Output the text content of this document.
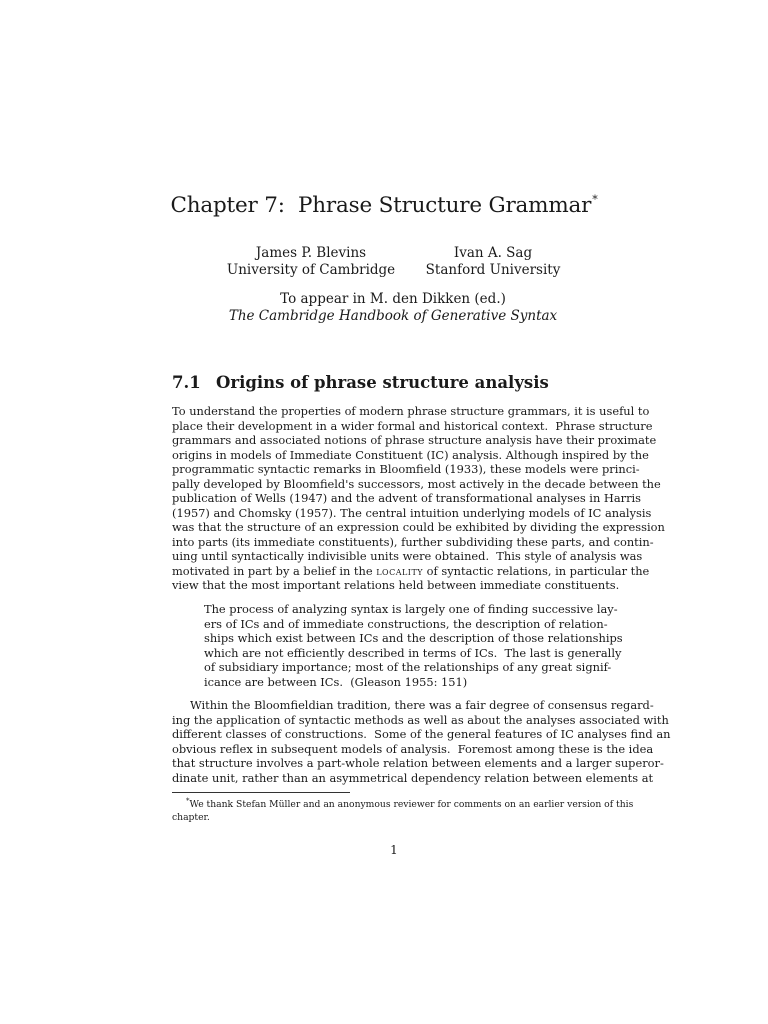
Chapter 7:  Phrase Structure Grammar*
James P. Blevins
University of Cambridge
Ivan A. Sag
Stanford University
To appear in M. den Dikken (ed.)
The Cambridge Handbook of Generative Syntax
7.1 Origins of phrase structure analysis
To understand the properties of modern phrase structure grammars, it is useful to
place their development in a wider formal and historical context.  Phrase structure
grammars and associated notions of phrase structure analysis have their proximate
origins in models of Immediate Constituent (IC) analysis. Although inspired by the
programmatic syntactic remarks in Bloomfield (1933), these models were princi-
pally developed by Bloomfield's successors, most actively in the decade between the
publication of Wells (1947) and the advent of transformational analyses in Harris
(1957) and Chomsky (1957). The central intuition underlying models of IC analysis
was that the structure of an expression could be exhibited by dividing the expression
into parts (its immediate constituents), further subdividing these parts, and contin-
uing until syntactically indivisible units were obtained.  This style of analysis was
motivated in part by a belief in the locality of syntactic relations, in particular the
view that the most important relations held between immediate constituents.
The process of analyzing syntax is largely one of finding successive lay-
ers of ICs and of immediate constructions, the description of relation-
ships which exist between ICs and the description of those relationships
which are not efficiently described in terms of ICs.  The last is generally
of subsidiary importance; most of the relationships of any great signif-
icance are between ICs.  (Gleason 1955: 151)
Within the Bloomfieldian tradition, there was a fair degree of consensus regard-
ing the application of syntactic methods as well as about the analyses associated with
different classes of constructions.  Some of the general features of IC analyses find an
obvious reflex in subsequent models of analysis.  Foremost among these is the idea
that structure involves a part-whole relation between elements and a larger superor-
dinate unit, rather than an asymmetrical dependency relation between elements at
*We thank Stefan Müller and an anonymous reviewer for comments on an earlier version of this
chapter.
1
